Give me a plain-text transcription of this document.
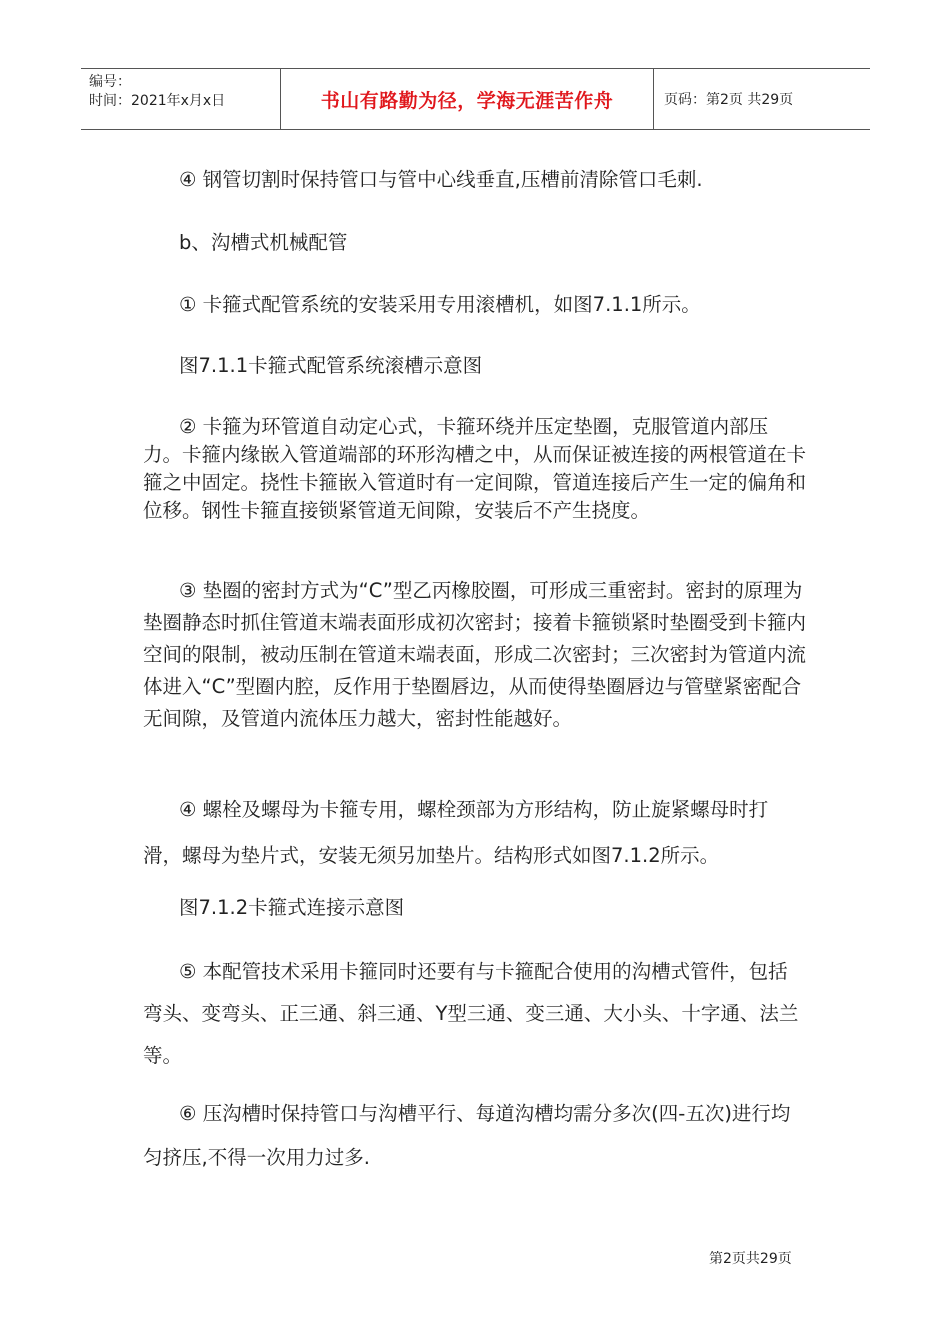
编号：
时间：2021年x月x日	书山有路勤为径，学海无涯苦作舟	页码：第2页 共29页

④ 钢管切割时保持管口与管中心线垂直,压槽前清除管口毛刺.

b、沟槽式机械配管

① 卡箍式配管系统的安装采用专用滚槽机，如图7.1.1所示。

图7.1.1卡箍式配管系统滚槽示意图

② 卡箍为环管道自动定心式，卡箍环绕并压定垫圈，克服管道内部压力。卡箍内缘嵌入管道端部的环形沟槽之中，从而保证被连接的两根管道在卡箍之中固定。挠性卡箍嵌入管道时有一定间隙，管道连接后产生一定的偏角和位移。钢性卡箍直接锁紧管道无间隙，安装后不产生挠度。

③ 垫圈的密封方式为“C”型乙丙橡胶圈，可形成三重密封。密封的原理为垫圈静态时抓住管道末端表面形成初次密封；接着卡箍锁紧时垫圈受到卡箍内空间的限制，被动压制在管道末端表面，形成二次密封；三次密封为管道内流体进入“C”型圈内腔，反作用于垫圈唇边，从而使得垫圈唇边与管壁紧密配合无间隙，及管道内流体压力越大，密封性能越好。

④ 螺栓及螺母为卡箍专用，螺栓颈部为方形结构，防止旋紧螺母时打滑，螺母为垫片式，安装无须另加垫片。结构形式如图7.1.2所示。

图7.1.2卡箍式连接示意图

⑤ 本配管技术采用卡箍同时还要有与卡箍配合使用的沟槽式管件，包括弯头、变弯头、正三通、斜三通、Y型三通、变三通、大小头、十字通、法兰等。

⑥ 压沟槽时保持管口与沟槽平行、每道沟槽均需分多次(四-五次)进行均匀挤压,不得一次用力过多.

第2页共29页
